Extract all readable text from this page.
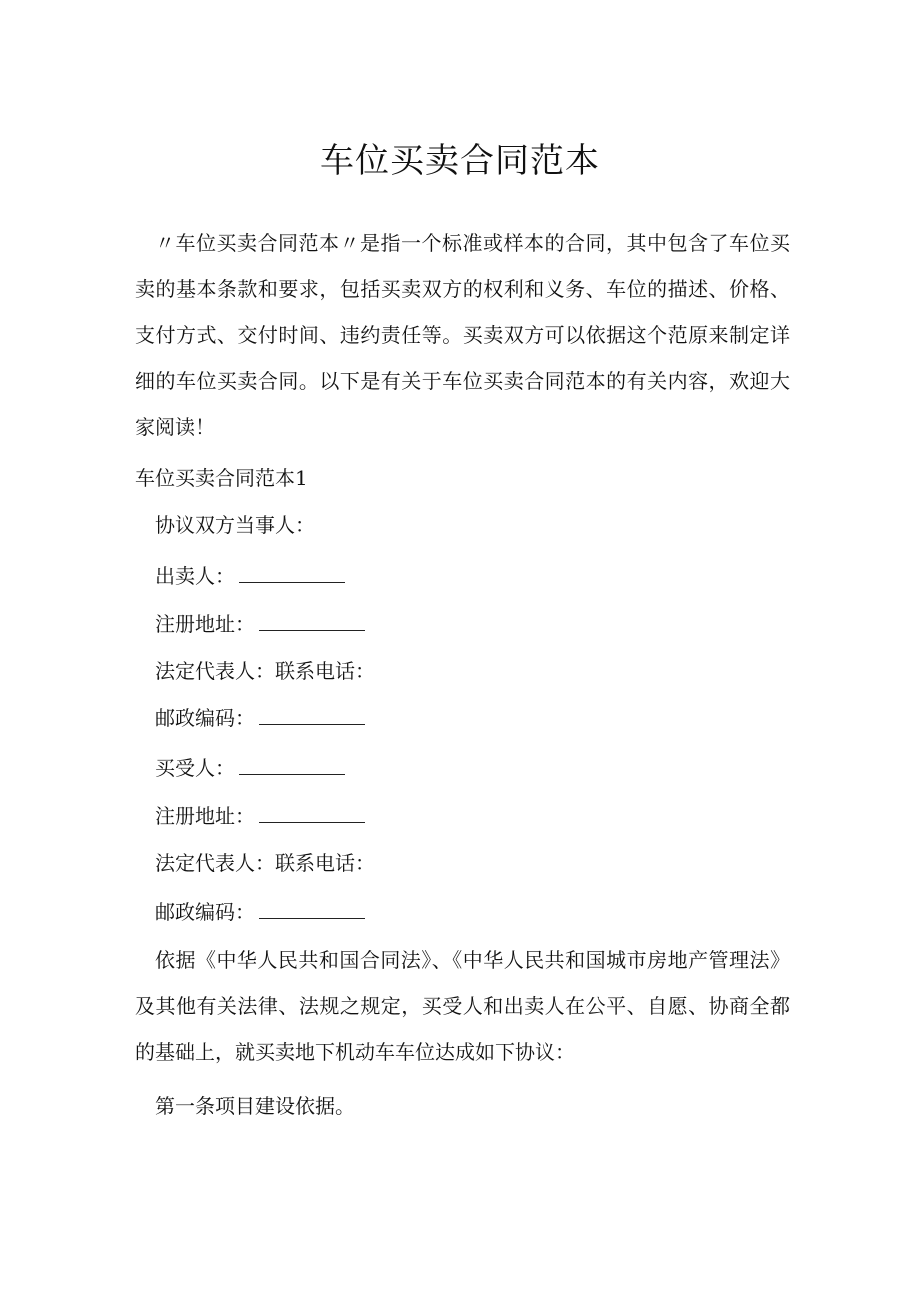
车位买卖合同范本
〃车位买卖合同范本〃是指一个标准或样本的合同，其中包含了车位买卖的基本条款和要求，包括买卖双方的权利和义务、车位的描述、价格、支付方式、交付时间、违约责任等。买卖双方可以依据这个范原来制定详细的车位买卖合同。以下是有关于车位买卖合同范本的有关内容，欢迎大家阅读！
车位买卖合同范本1
协议双方当事人：
出卖人：
注册地址：
法定代表人：联系电话：
邮政编码：
买受人：
注册地址：
法定代表人：联系电话：
邮政编码：
依据《中华人民共和国合同法》、《中华人民共和国城市房地产管理法》及其他有关法律、法规之规定，买受人和出卖人在公平、自愿、协商全都的基础上，就买卖地下机动车车位达成如下协议：
第一条项目建设依据。
